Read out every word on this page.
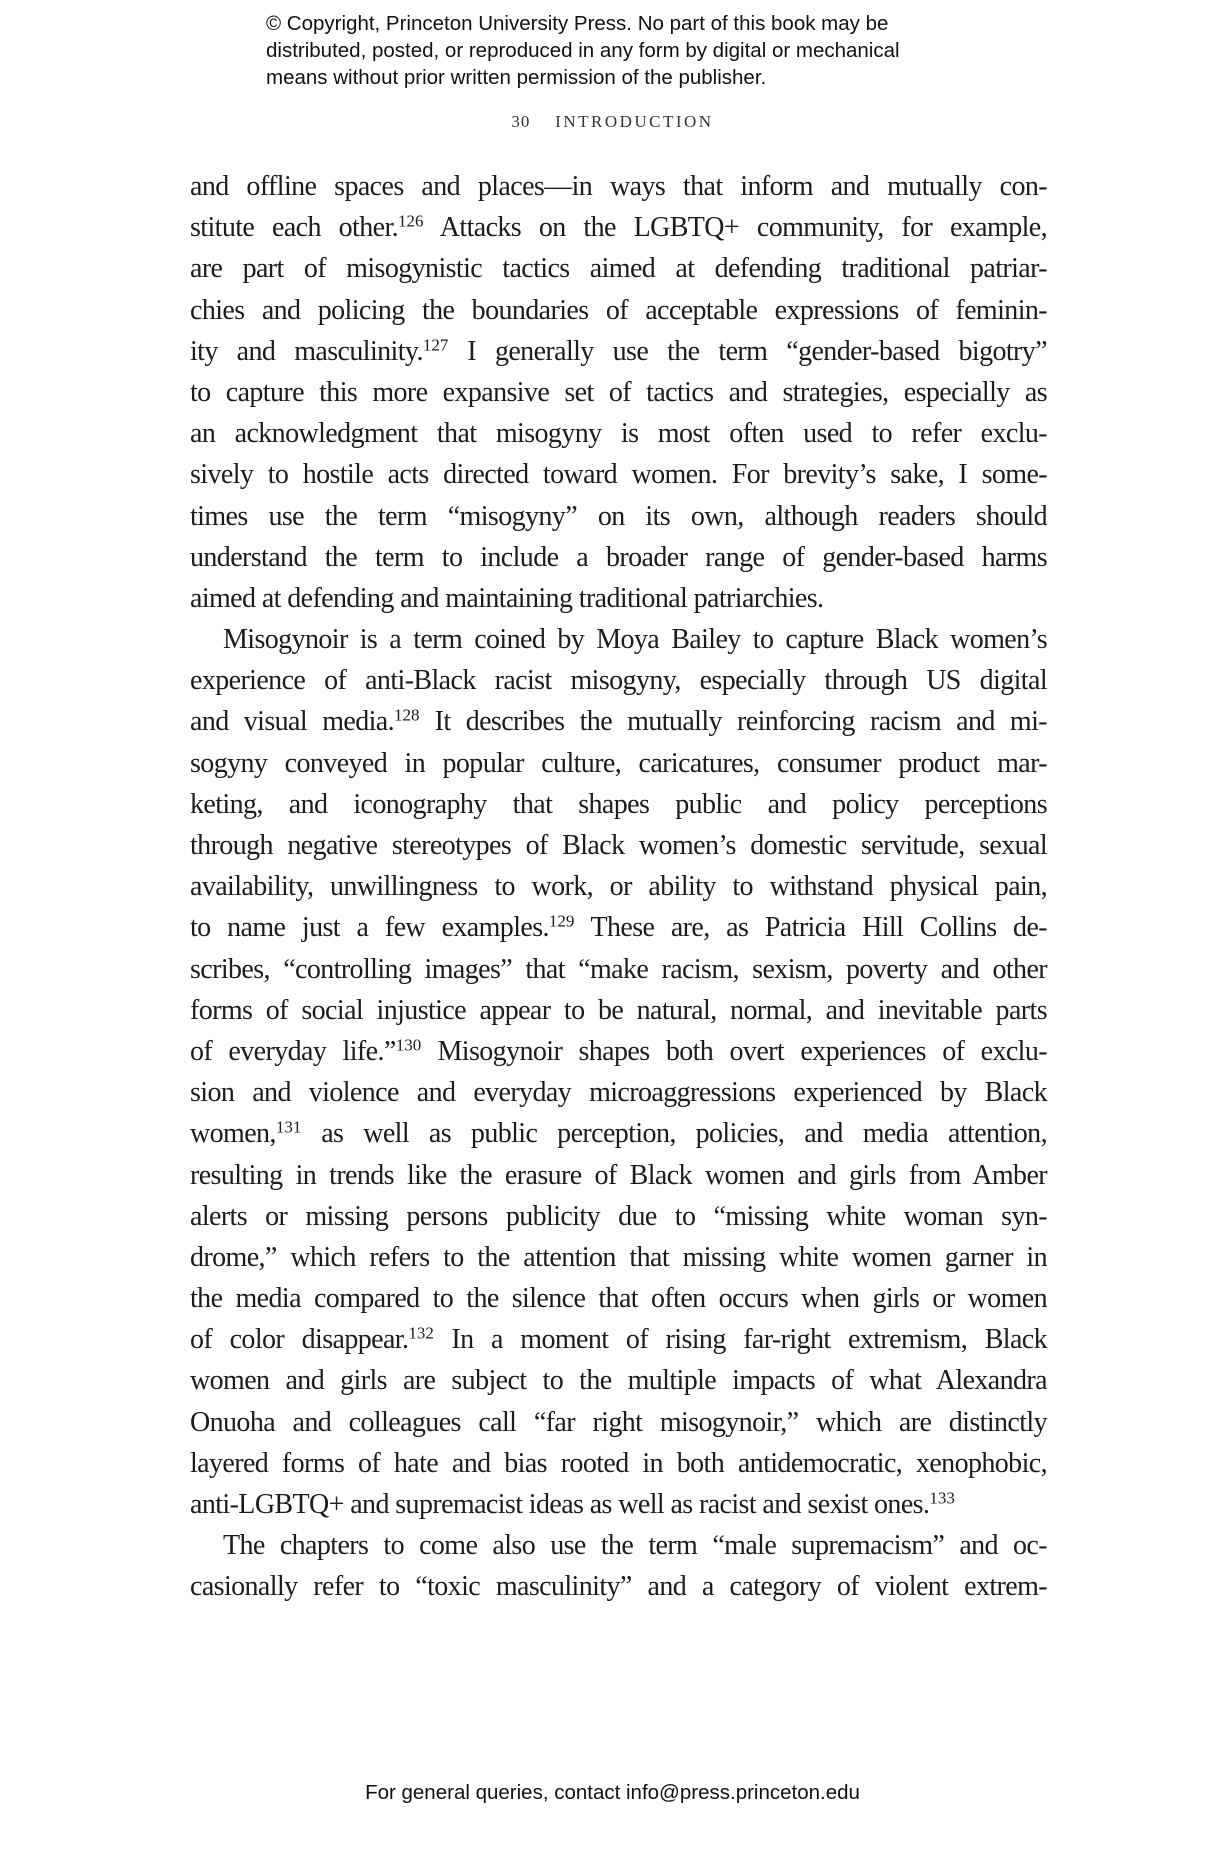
© Copyright, Princeton University Press. No part of this book may be
distributed, posted, or reproduced in any form by digital or mechanical
means without prior written permission of the publisher.
30 INTRODUCTION
and offline spaces and places—in ways that inform and mutually con-
stitute each other.$^{126}$ Attacks on the LGBTQ+ community, for example,
are part of misogynistic tactics aimed at defending traditional patriar-
chies and policing the boundaries of acceptable expressions of feminin-
ity and masculinity.$^{127}$ I generally use the term “gender-based bigotry”
to capture this more expansive set of tactics and strategies, especially as
an acknowledgment that misogyny is most often used to refer exclu-
sively to hostile acts directed toward women. For brevity’s sake, I some-
times use the term “misogyny” on its own, although readers should
understand the term to include a broader range of gender-based harms
aimed at defending and maintaining traditional patriarchies.
Misogynoir is a term coined by Moya Bailey to capture Black women’s
experience of anti-Black racist misogyny, especially through US digital
and visual media.$^{128}$ It describes the mutually reinforcing racism and mi-
sogyny conveyed in popular culture, caricatures, consumer product mar-
keting, and iconography that shapes public and policy perceptions
through negative stereotypes of Black women’s domestic servitude, sexual
availability, unwillingness to work, or ability to withstand physical pain,
to name just a few examples.$^{129}$ These are, as Patricia Hill Collins de-
scribes, “controlling images” that “make racism, sexism, poverty and other
forms of social injustice appear to be natural, normal, and inevitable parts
of everyday life.”$^{130}$ Misogynoir shapes both overt experiences of exclu-
sion and violence and everyday microaggressions experienced by Black
women,$^{131}$ as well as public perception, policies, and media attention,
resulting in trends like the erasure of Black women and girls from Amber
alerts or missing persons publicity due to “missing white woman syn-
drome,” which refers to the attention that missing white women garner in
the media compared to the silence that often occurs when girls or women
of color disappear.$^{132}$ In a moment of rising far-right extremism, Black
women and girls are subject to the multiple impacts of what Alexandra
Onuoha and colleagues call “far right misogynoir,” which are distinctly
layered forms of hate and bias rooted in both antidemocratic, xenophobic,
anti-LGBTQ+ and supremacist ideas as well as racist and sexist ones.$^{133}$
The chapters to come also use the term “male supremacism” and oc-
casionally refer to “toxic masculinity” and a category of violent extrem-
For general queries, contact info@press.princeton.edu
